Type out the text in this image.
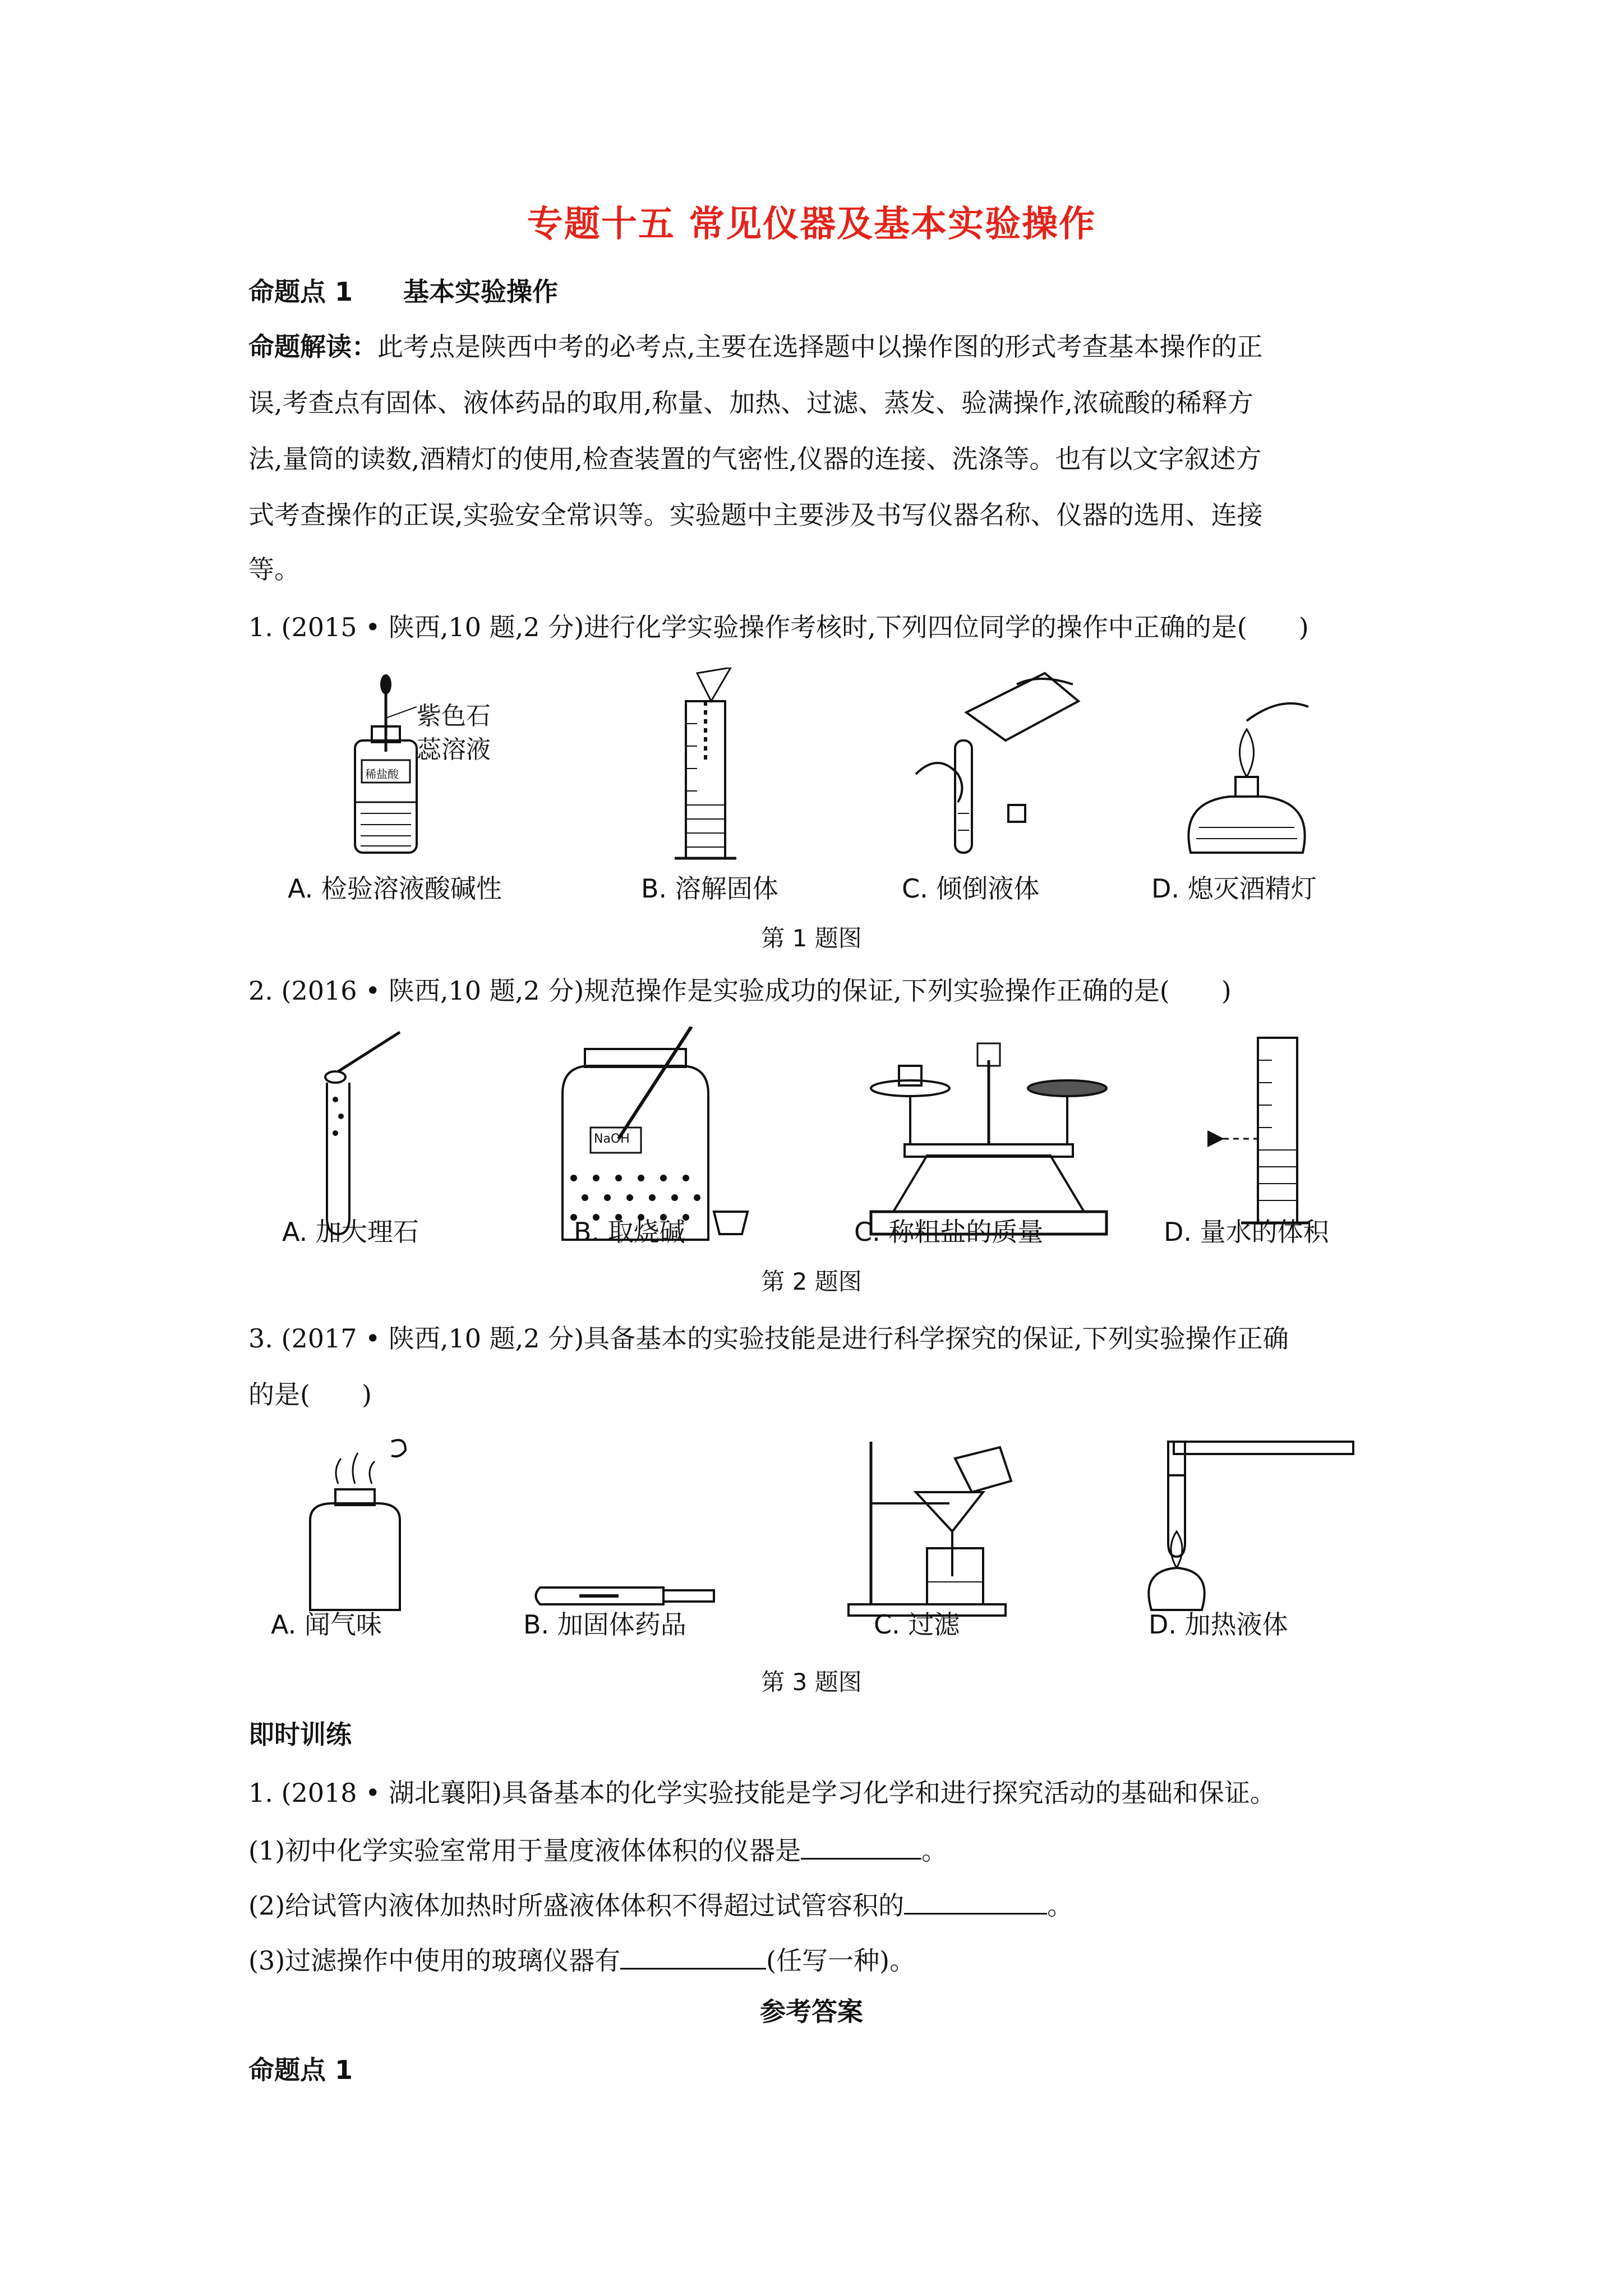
专题十五 常见仪器及基本实验操作
命题点 1 基本实验操作
命题解读：此考点是陕西中考的必考点,主要在选择题中以操作图的形式考查基本操作的正
误,考查点有固体、液体药品的取用,称量、加热、过滤、蒸发、验满操作,浓硫酸的稀释方
法,量筒的读数,酒精灯的使用,检查装置的气密性,仪器的连接、洗涤等。也有以文字叙述方
式考查操作的正误,实验安全常识等。实验题中主要涉及书写仪器名称、仪器的选用、连接
等。
1. (2015 • 陕西,10 题,2 分)进行化学实验操作考核时,下列四位同学的操作中正确的是(　　)
紫色石
蕊溶液
稀盐酸
A. 检验溶液酸碱性	B. 溶解固体	C. 倾倒液体	D. 熄灭酒精灯
第 1 题图
2. (2016 • 陕西,10 题,2 分)规范操作是实验成功的保证,下列实验操作正确的是(　　)
NaOH
A. 加大理石	B. 取烧碱	C. 称粗盐的质量	D. 量水的体积
第 2 题图
3. (2017 • 陕西,10 题,2 分)具备基本的实验技能是进行科学探究的保证,下列实验操作正确
的是(　　)
A. 闻气味	B. 加固体药品	C. 过滤	D. 加热液体
第 3 题图
即时训练
1. (2018 • 湖北襄阳)具备基本的化学实验技能是学习化学和进行探究活动的基础和保证。
(1)初中化学实验室常用于量度液体体积的仪器是	。
(2)给试管内液体加热时所盛液体体积不得超过试管容积的	。
(3)过滤操作中使用的玻璃仪器有	(任写一种)。
参考答案
命题点 1
